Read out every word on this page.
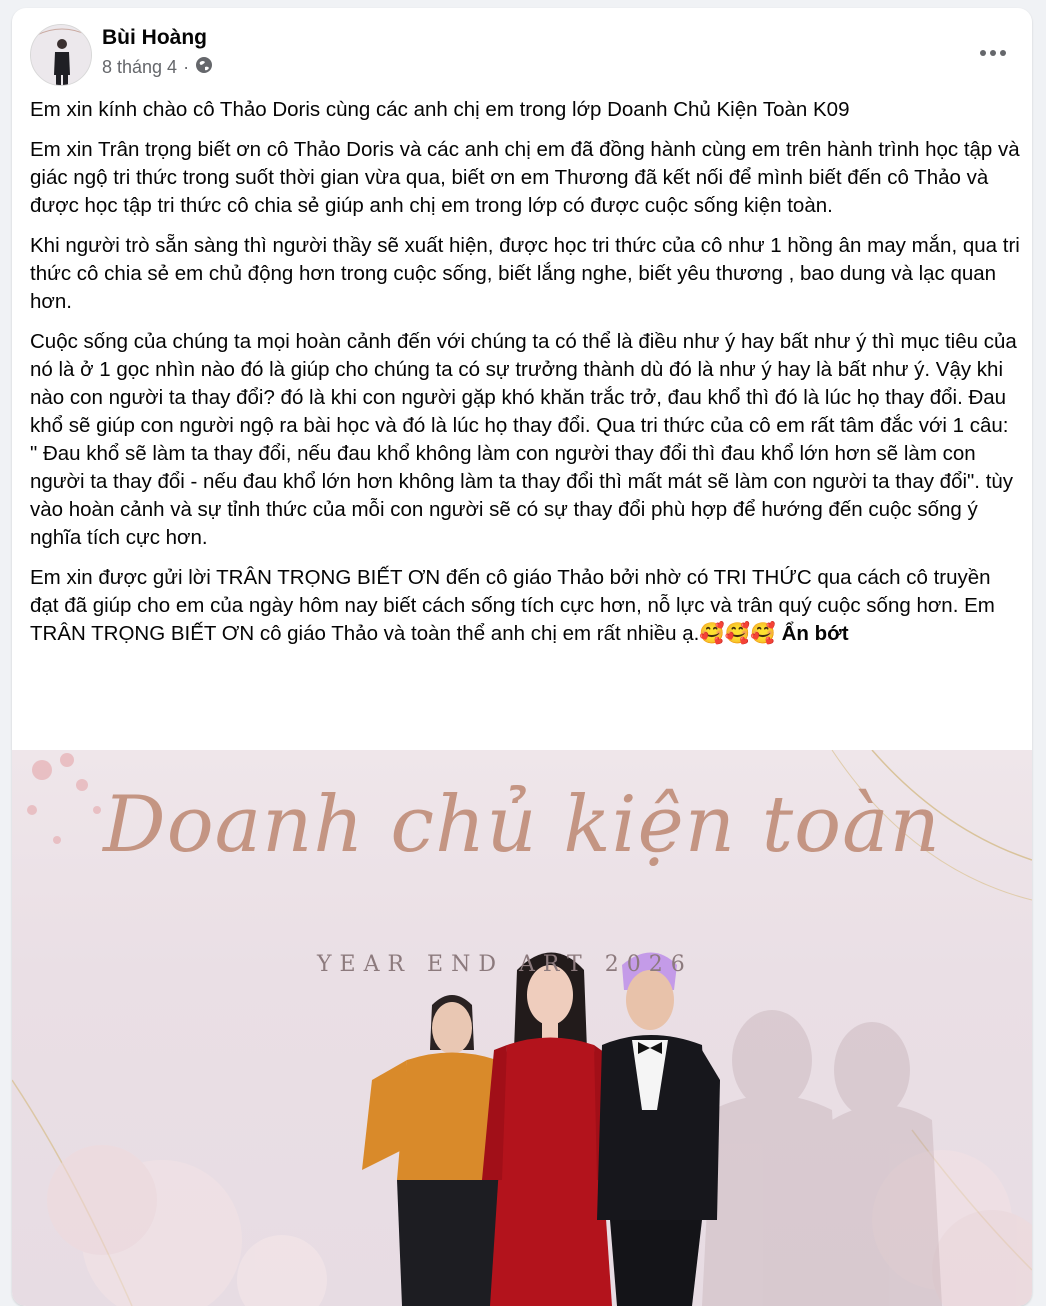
Bùi Hoàng
8 tháng 4 ·

Em xin kính chào cô Thảo Doris cùng các anh chị em trong lớp Doanh Chủ Kiện Toàn K09

Em xin Trân trọng biết ơn cô Thảo Doris và các anh chị em đã đồng hành cùng em trên hành trình học tập và giác ngộ tri thức trong suốt thời gian vừa qua, biết ơn em Thương đã kết nối để mình biết đến cô Thảo và được học tập tri thức cô chia sẻ giúp anh chị em trong lớp có được cuộc sống kiện toàn.

Khi người trò sẵn sàng thì người thầy sẽ xuất hiện, được học tri thức của cô như 1 hồng ân may mắn, qua tri thức cô chia sẻ em chủ động hơn trong cuộc sống, biết lắng nghe, biết yêu thương , bao dung và lạc quan hơn.

Cuộc sống của chúng ta mọi hoàn cảnh đến với chúng ta có thể là điều như ý hay bất như ý thì mục tiêu của nó là ở 1 gọc nhìn nào đó là giúp cho chúng ta có sự trưởng thành dù đó là như ý hay là bất như ý. Vậy khi nào con người ta thay đổi? đó là khi con người gặp khó khăn trắc trở, đau khổ thì đó là lúc họ thay đổi. Đau khổ sẽ giúp con người ngộ ra bài học và đó là lúc họ thay đổi. Qua tri thức của cô em rất tâm đắc với 1 câu: " Đau khổ sẽ làm ta thay đổi, nếu đau khổ không làm con người thay đổi thì đau khổ lớn hơn sẽ làm con người ta thay đổi - nếu đau khổ lớn hơn không làm ta thay đổi thì mất mát sẽ làm con người ta thay đổi". tùy vào hoàn cảnh và sự tỉnh thức của mỗi con người sẽ có sự thay đổi phù hợp để hướng đến cuộc sống ý nghĩa tích cực hơn.

Em xin được gửi lời TRÂN TRỌNG BIẾT ƠN đến cô giáo Thảo bởi nhờ có TRI THỨC qua cách cô truyền đạt đã giúp cho em của ngày hôm nay biết cách sống tích cực hơn, nỗ lực và trân quý cuộc sống hơn. Em TRÂN TRỌNG BIẾT ƠN cô giáo Thảo và toàn thể anh chị em rất nhiều ạ.🥰🥰🥰 Ẩn bớt

Doanh chủ kiện toàn
YEAR END ART 2026
